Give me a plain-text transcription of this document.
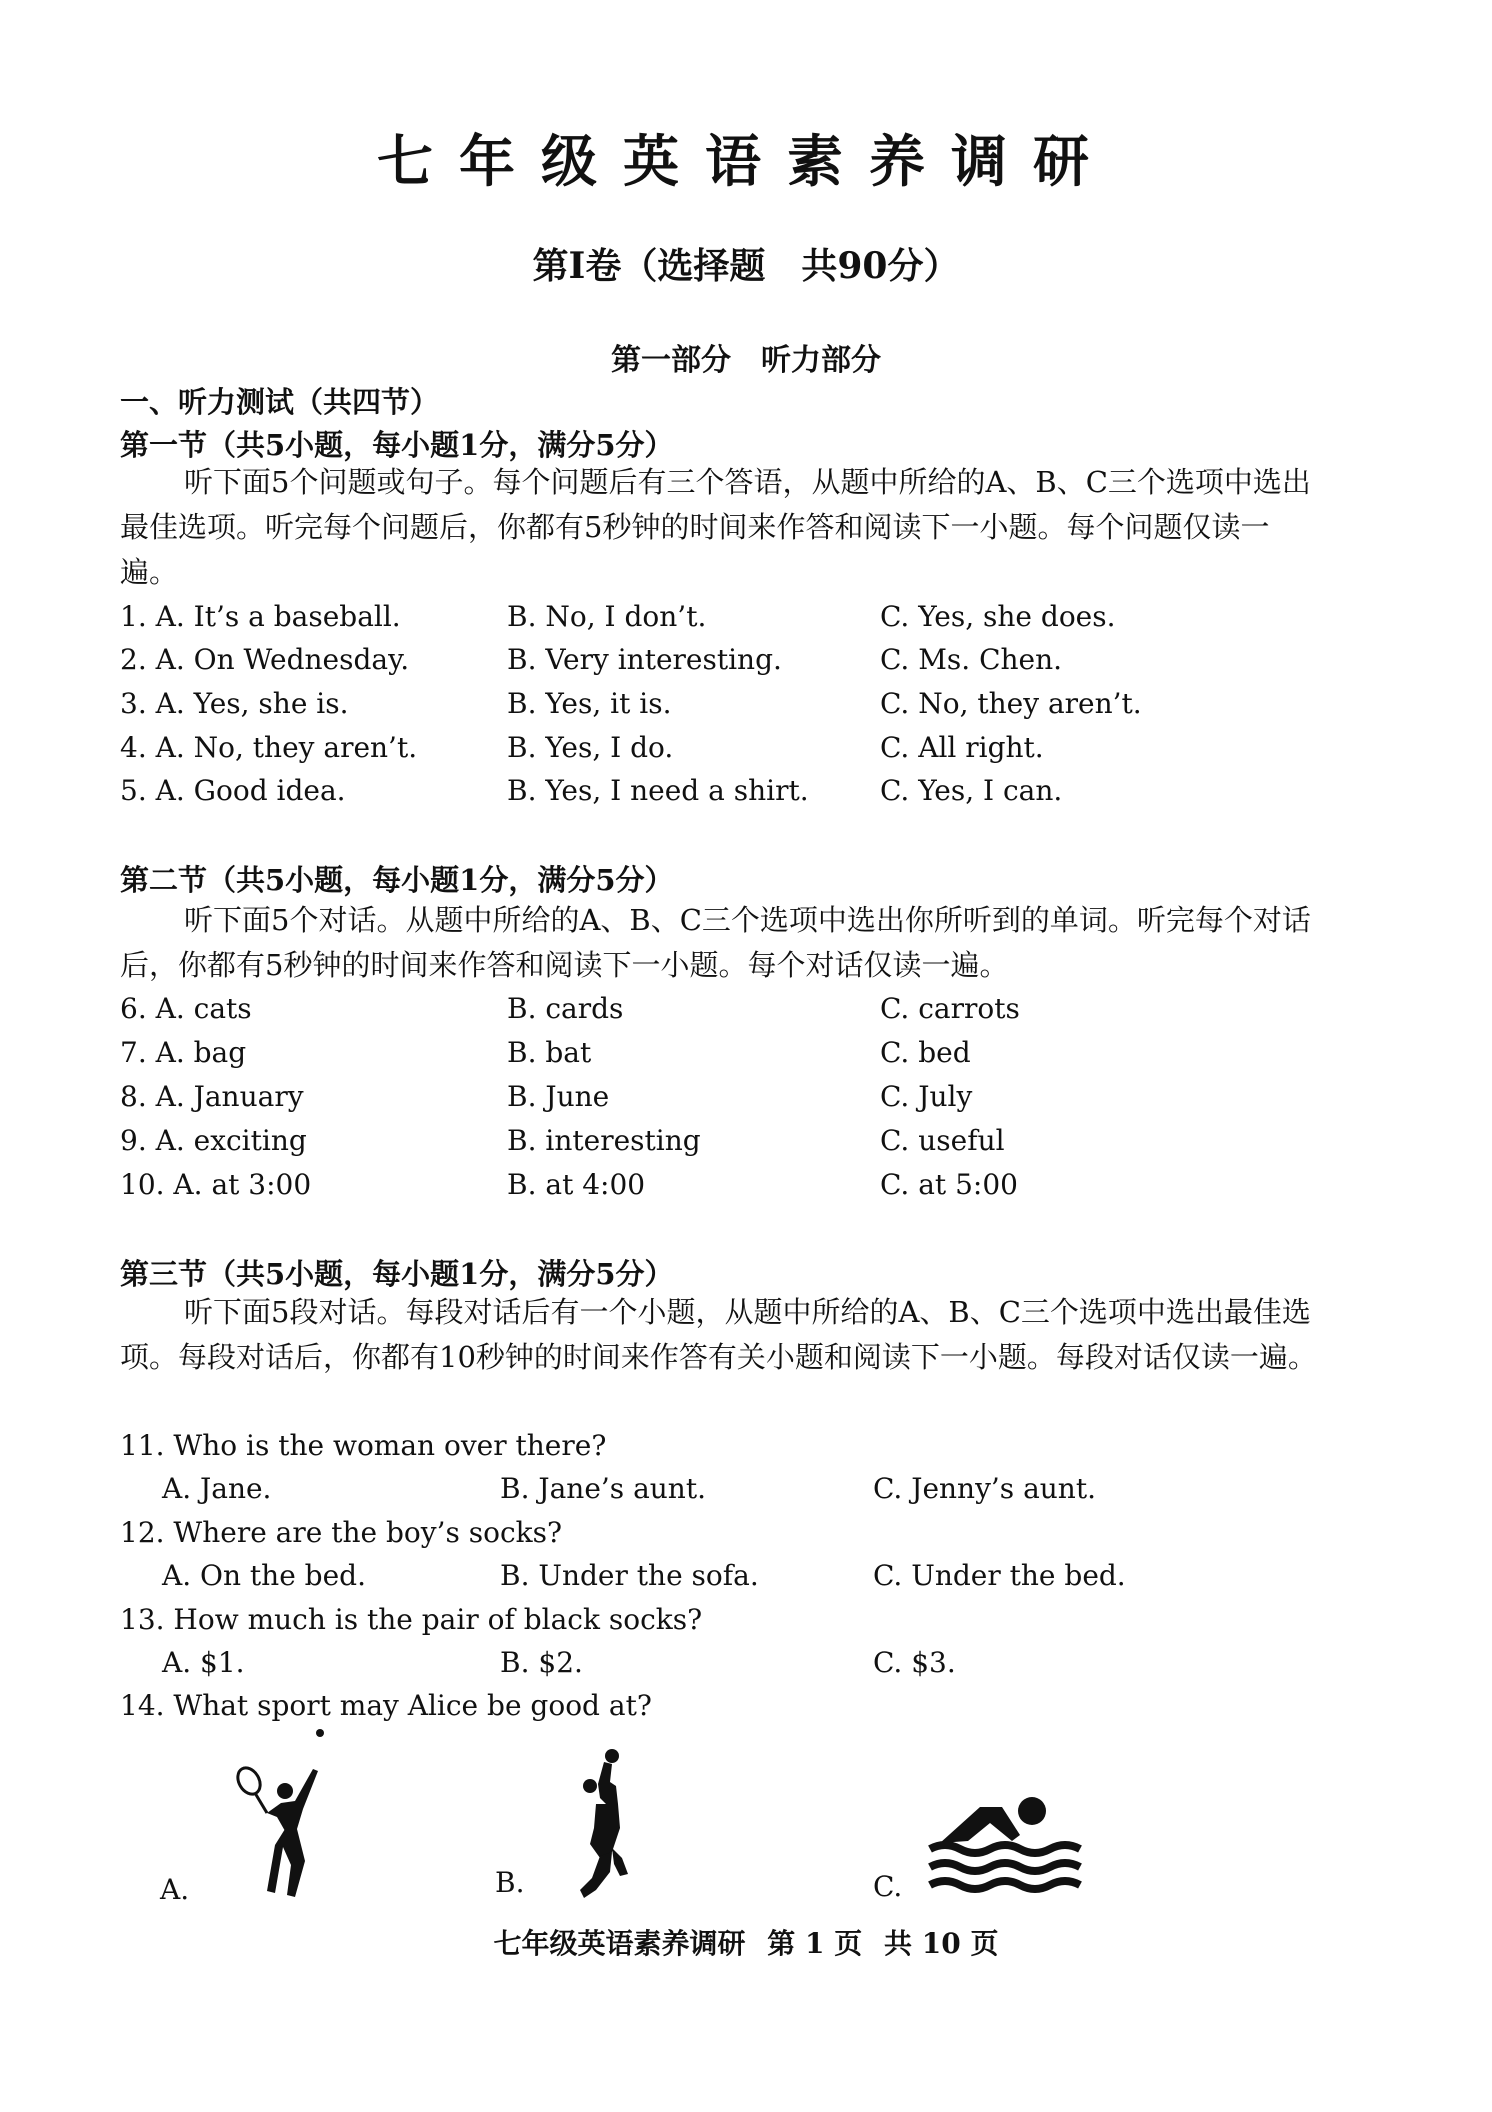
七年级英语素养调研
第Ⅰ卷（选择题　共90分）
第一部分　听力部分
一、听力测试（共四节）
第一节（共5小题，每小题1分，满分5分）
听下面5个问题或句子。每个问题后有三个答语，从题中所给的A、B、C三个选项中选出最佳选项。听完每个问题后，你都有5秒钟的时间来作答和阅读下一小题。每个问题仅读一遍。
1. A. It’s a baseball.	B. No, I don’t.	C. Yes, she does.
2. A. On Wednesday.	B. Very interesting.	C. Ms. Chen.
3. A. Yes, she is.	B. Yes, it is.	C. No, they aren’t.
4. A. No, they aren’t.	B. Yes, I do.	C. All right.
5. A. Good idea.	B. Yes, I need a shirt.	C. Yes, I can.
第二节（共5小题，每小题1分，满分5分）
听下面5个对话。从题中所给的A、B、C三个选项中选出你所听到的单词。听完每个对话后，你都有5秒钟的时间来作答和阅读下一小题。每个对话仅读一遍。
6. A. cats	B. cards	C. carrots
7. A. bag	B. bat	C. bed
8. A. January	B. June	C. July
9. A. exciting	B. interesting	C. useful
10. A. at 3:00	B. at 4:00	C. at 5:00
第三节（共5小题，每小题1分，满分5分）
听下面5段对话。每段对话后有一个小题，从题中所给的A、B、C三个选项中选出最佳选项。每段对话后，你都有10秒钟的时间来作答有关小题和阅读下一小题。每段对话仅读一遍。
11. Who is the woman over there?
A. Jane.	B. Jane’s aunt.	C. Jenny’s aunt.
12. Where are the boy’s socks?
A. On the bed.	B. Under the sofa.	C. Under the bed.
13. How much is the pair of black socks?
A. $1.	B. $2.	C. $3.
14. What sport may Alice be good at?
A.	B.	C.
七年级英语素养调研 第 1 页 共 10 页
